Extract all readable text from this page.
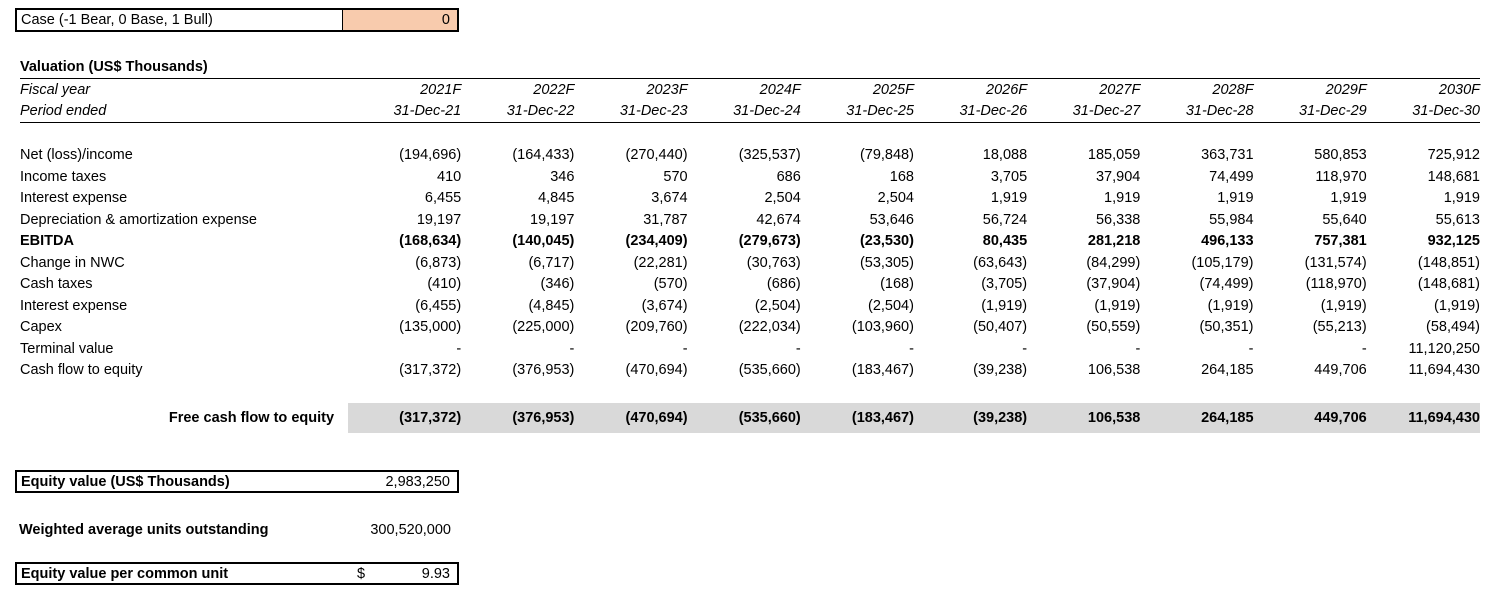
Case (-1 Bear, 0 Base, 1 Bull)	0
Valuation (US$ Thousands)
Fiscal year	2021F	2022F	2023F	2024F	2025F	2026F	2027F	2028F	2029F	2030F
Period ended	31-Dec-21	31-Dec-22	31-Dec-23	31-Dec-24	31-Dec-25	31-Dec-26	31-Dec-27	31-Dec-28	31-Dec-29	31-Dec-30

Net (loss)/income	(194,696)	(164,433)	(270,440)	(325,537)	(79,848)	18,088	185,059	363,731	580,853	725,912
Income taxes	410	346	570	686	168	3,705	37,904	74,499	118,970	148,681
Interest expense	6,455	4,845	3,674	2,504	2,504	1,919	1,919	1,919	1,919	1,919
Depreciation & amortization expense	19,197	19,197	31,787	42,674	53,646	56,724	56,338	55,984	55,640	55,613
EBITDA	(168,634)	(140,045)	(234,409)	(279,673)	(23,530)	80,435	281,218	496,133	757,381	932,125
Change in NWC	(6,873)	(6,717)	(22,281)	(30,763)	(53,305)	(63,643)	(84,299)	(105,179)	(131,574)	(148,851)
Cash taxes	(410)	(346)	(570)	(686)	(168)	(3,705)	(37,904)	(74,499)	(118,970)	(148,681)
Interest expense	(6,455)	(4,845)	(3,674)	(2,504)	(2,504)	(1,919)	(1,919)	(1,919)	(1,919)	(1,919)
Capex	(135,000)	(225,000)	(209,760)	(222,034)	(103,960)	(50,407)	(50,559)	(50,351)	(55,213)	(58,494)
Terminal value	-	-	-	-	-	-	-	-	-	11,120,250
Cash flow to equity	(317,372)	(376,953)	(470,694)	(535,660)	(183,467)	(39,238)	106,538	264,185	449,706	11,694,430

Free cash flow to equity	(317,372)	(376,953)	(470,694)	(535,660)	(183,467)	(39,238)	106,538	264,185	449,706	11,694,430
Equity value (US$ Thousands)	2,983,250
Weighted average units outstanding	300,520,000
Equity value per common unit	$	9.93
